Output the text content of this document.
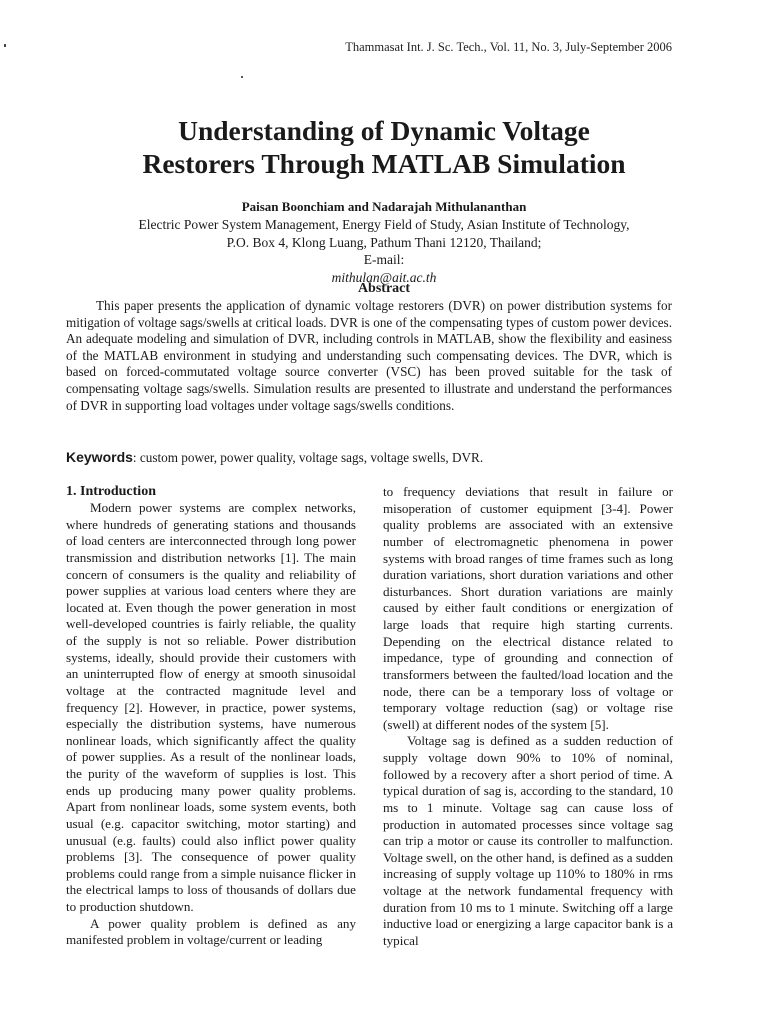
Thammasat Int. J. Sc. Tech., Vol. 11, No. 3, July-September 2006
Understanding of Dynamic Voltage
Restorers Through MATLAB Simulation
Paisan Boonchiam and Nadarajah Mithulananthan
Electric Power System Management, Energy Field of Study, Asian Institute of Technology,
P.O. Box 4, Klong Luang, Pathum Thani 12120, Thailand;
E-mail:
mithulan@ait.ac.th
Abstract

This paper presents the application of dynamic voltage restorers (DVR) on power distribution systems for mitigation of voltage sags/swells at critical loads. DVR is one of the compensating types of custom power devices. An adequate modeling and simulation of DVR, including controls in MATLAB, show the flexibility and easiness of the MATLAB environment in studying and understanding such compensating devices. The DVR, which is based on forced-commutated voltage source converter (VSC) has been proved suitable for the task of compensating voltage sags/swells. Simulation results are presented to illustrate and understand the performances of DVR in supporting load voltages under voltage sags/swells conditions.

Keywords: custom power, power quality, voltage sags, voltage swells, DVR.
1. Introduction

Modern power systems are complex networks, where hundreds of generating stations and thousands of load centers are interconnected through long power transmission and distribution networks [1]. The main concern of consumers is the quality and reliability of power supplies at various load centers where they are located at. Even though the power generation in most well-developed countries is fairly reliable, the quality of the supply is not so reliable. Power distribution systems, ideally, should provide their customers with an uninterrupted flow of energy at smooth sinusoidal voltage at the contracted magnitude level and frequency [2]. However, in practice, power systems, especially the distribution systems, have numerous nonlinear loads, which significantly affect the quality of power supplies. As a result of the nonlinear loads, the purity of the waveform of supplies is lost. This ends up producing many power quality problems. Apart from nonlinear loads, some system events, both usual (e.g. capacitor switching, motor starting) and unusual (e.g. faults) could also inflict power quality problems [3]. The consequence of power quality problems could range from a simple nuisance flicker in the electrical lamps to loss of thousands of dollars due to production shutdown.

A power quality problem is defined as any manifested problem in voltage/current or leading

to frequency deviations that result in failure or misoperation of customer equipment [3-4]. Power quality problems are associated with an extensive number of electromagnetic phenomena in power systems with broad ranges of time frames such as long duration variations, short duration variations and other disturbances. Short duration variations are mainly caused by either fault conditions or energization of large loads that require high starting currents. Depending on the electrical distance related to impedance, type of grounding and connection of transformers between the faulted/load location and the node, there can be a temporary loss of voltage or temporary voltage reduction (sag) or voltage rise (swell) at different nodes of the system [5].

Voltage sag is defined as a sudden reduction of supply voltage down 90% to 10% of nominal, followed by a recovery after a short period of time. A typical duration of sag is, according to the standard, 10 ms to 1 minute. Voltage sag can cause loss of production in automated processes since voltage sag can trip a motor or cause its controller to malfunction. Voltage swell, on the other hand, is defined as a sudden increasing of supply voltage up 110% to 180% in rms voltage at the network fundamental frequency with duration from 10 ms to 1 minute. Switching off a large inductive load or energizing a large capacitor bank is a typical
